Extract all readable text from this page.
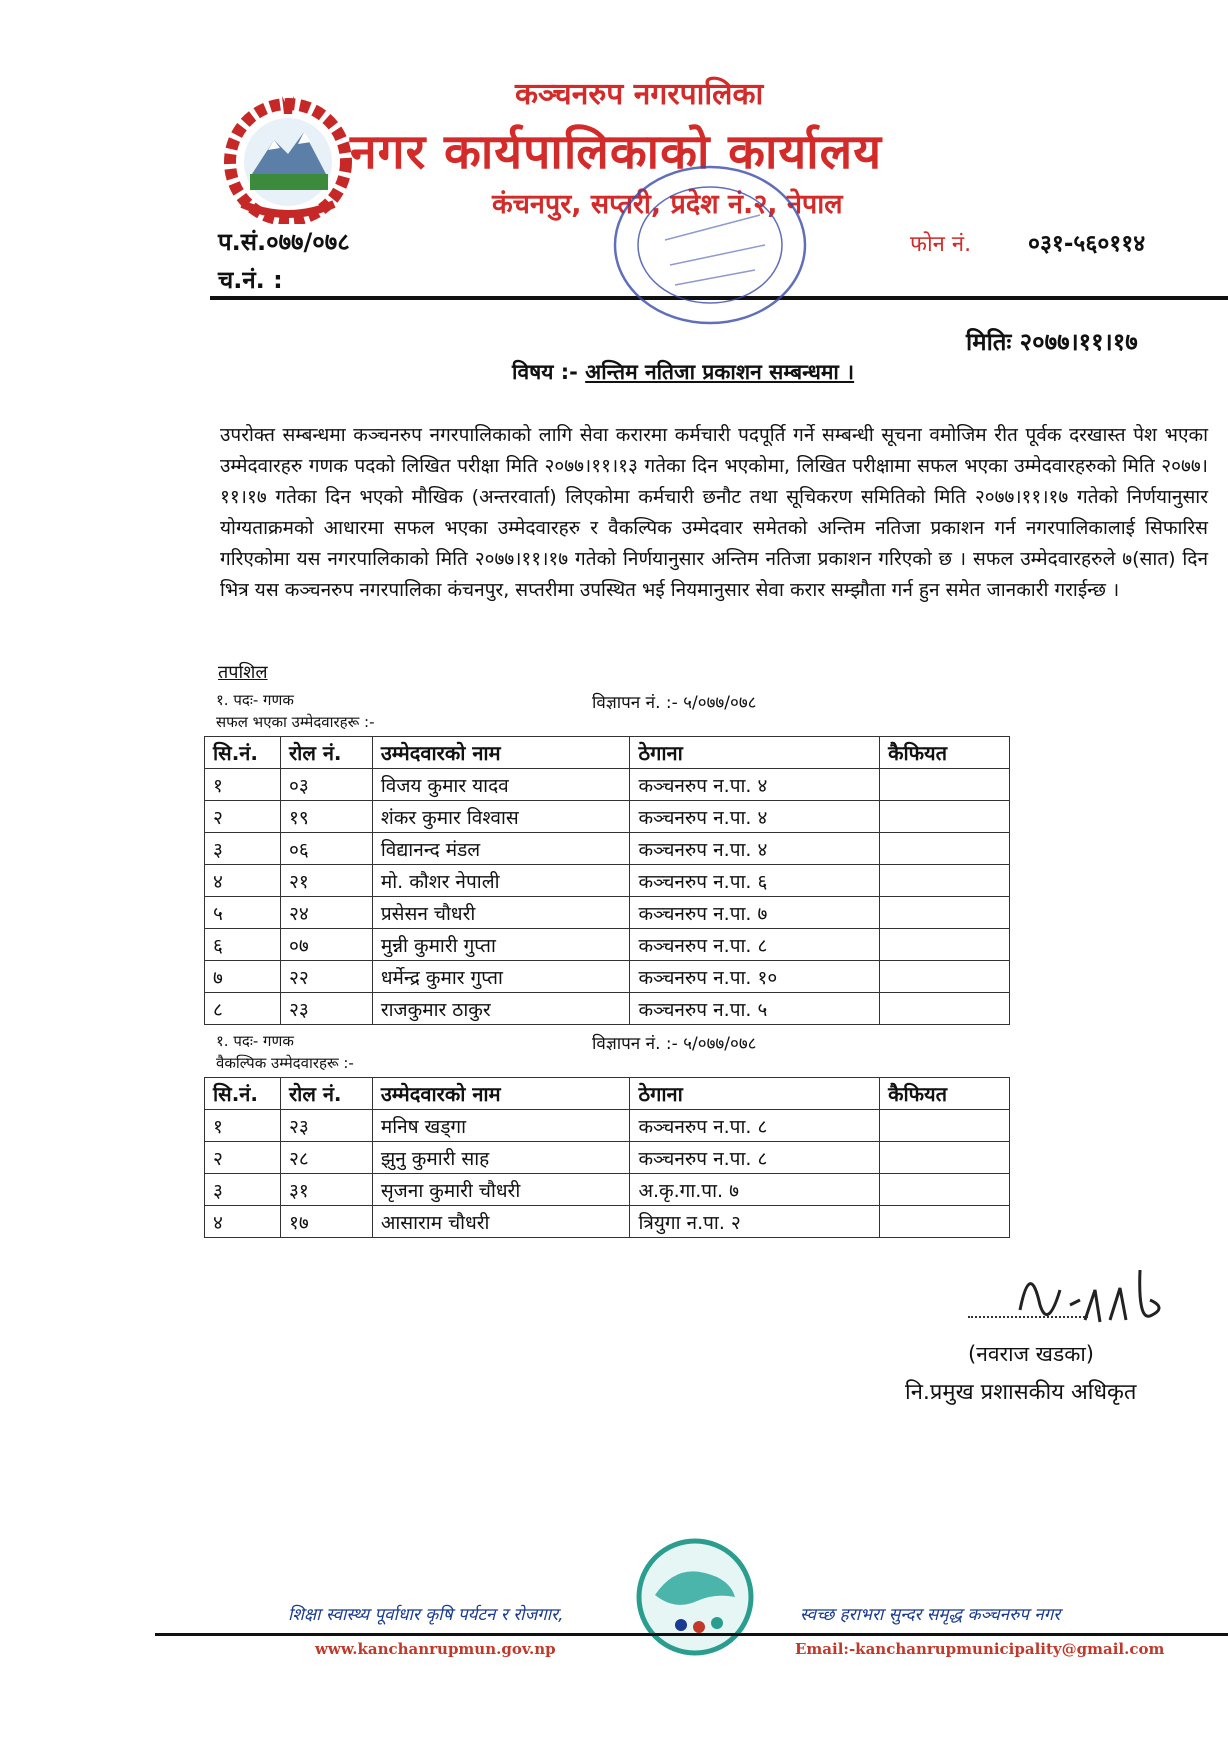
कञ्चनरुप नगरपालिका
नगर कार्यपालिकाको कार्यालय
कंचनपुर, सप्तरी, प्रदेश नं.२, नेपाल
प.सं.०७७/०७८
च.नं. :
फोन नं. ०३१-५६०११४
मितिः २०७७।११।१७
विषय :- अन्तिम नतिजा प्रकाशन सम्बन्धमा ।
उपरोक्त सम्बन्धमा कञ्चनरुप नगरपालिकाको लागि सेवा करारमा कर्मचारी पदपूर्ति गर्ने सम्बन्धी सूचना वमोजिम रीत पूर्वक दरखास्त पेश भएका उम्मेदवारहरु गणक पदको लिखित परीक्षा मिति २०७७।११।१३ गतेका दिन भएकोमा, लिखित परीक्षामा सफल भएका उम्मेदवारहरुको मिति २०७७।११।१७ गतेका दिन भएको मौखिक (अन्तरवार्ता) लिएकोमा कर्मचारी छनौट तथा सूचिकरण समितिको मिति २०७७।११।१७ गतेको निर्णयानुसार योग्यताक्रमको आधारमा सफल भएका उम्मेदवारहरु र वैकल्पिक उम्मेदवार समेतको अन्तिम नतिजा प्रकाशन गर्न नगरपालिकालाई सिफारिस गरिएकोमा यस नगरपालिकाको मिति २०७७।११।१७ गतेको निर्णयानुसार अन्तिम नतिजा प्रकाशन गरिएको छ । सफल उम्मेदवारहरुले ७(सात) दिन भित्र यस कञ्चनरुप नगरपालिका कंचनपुर, सप्तरीमा उपस्थित भई नियमानुसार सेवा करार सम्झौता गर्न हुन समेत जानकारी गराईन्छ ।
तपशिल
१. पदः- गणक	विज्ञापन नं. :- ५/०७७/०७८
सफल भएका उम्मेदवारहरू :-
सि.नं.	रोल नं.	उम्मेदवारको नाम	ठेगाना	कैफियत
१	०३	विजय कुमार यादव	कञ्चनरुप न.पा. ४	
२	१९	शंकर कुमार विश्वास	कञ्चनरुप न.पा. ४	
३	०६	विद्यानन्द मंडल	कञ्चनरुप न.पा. ४	
४	२१	मो. कौशर नेपाली	कञ्चनरुप न.पा. ६	
५	२४	प्रसेसन चौधरी	कञ्चनरुप न.पा. ७	
६	०७	मुन्नी कुमारी गुप्ता	कञ्चनरुप न.पा. ८	
७	२२	धर्मेन्द्र कुमार गुप्ता	कञ्चनरुप न.पा. १०	
८	२३	राजकुमार ठाकुर	कञ्चनरुप न.पा. ५	
१. पदः- गणक	विज्ञापन नं. :- ५/०७७/०७८
वैकल्पिक उम्मेदवारहरू :-
सि.नं.	रोल नं.	उम्मेदवारको नाम	ठेगाना	कैफियत
१	२३	मनिष खड्गा	कञ्चनरुप न.पा. ८	
२	२८	झुनु कुमारी साह	कञ्चनरुप न.पा. ८	
३	३१	सृजना कुमारी चौधरी	अ.कृ.गा.पा. ७	
४	१७	आसाराम चौधरी	त्रियुगा न.पा. २	
(नवराज खडका)
नि.प्रमुख प्रशासकीय अधिकृत
शिक्षा स्वास्थ्य पूर्वाधार कृषि पर्यटन र रोजगार,	स्वच्छ हराभरा सुन्दर समृद्ध कञ्चनरुप नगर
www.kanchanrupmun.gov.np	Email:-kanchanrupmunicipality@gmail.com
